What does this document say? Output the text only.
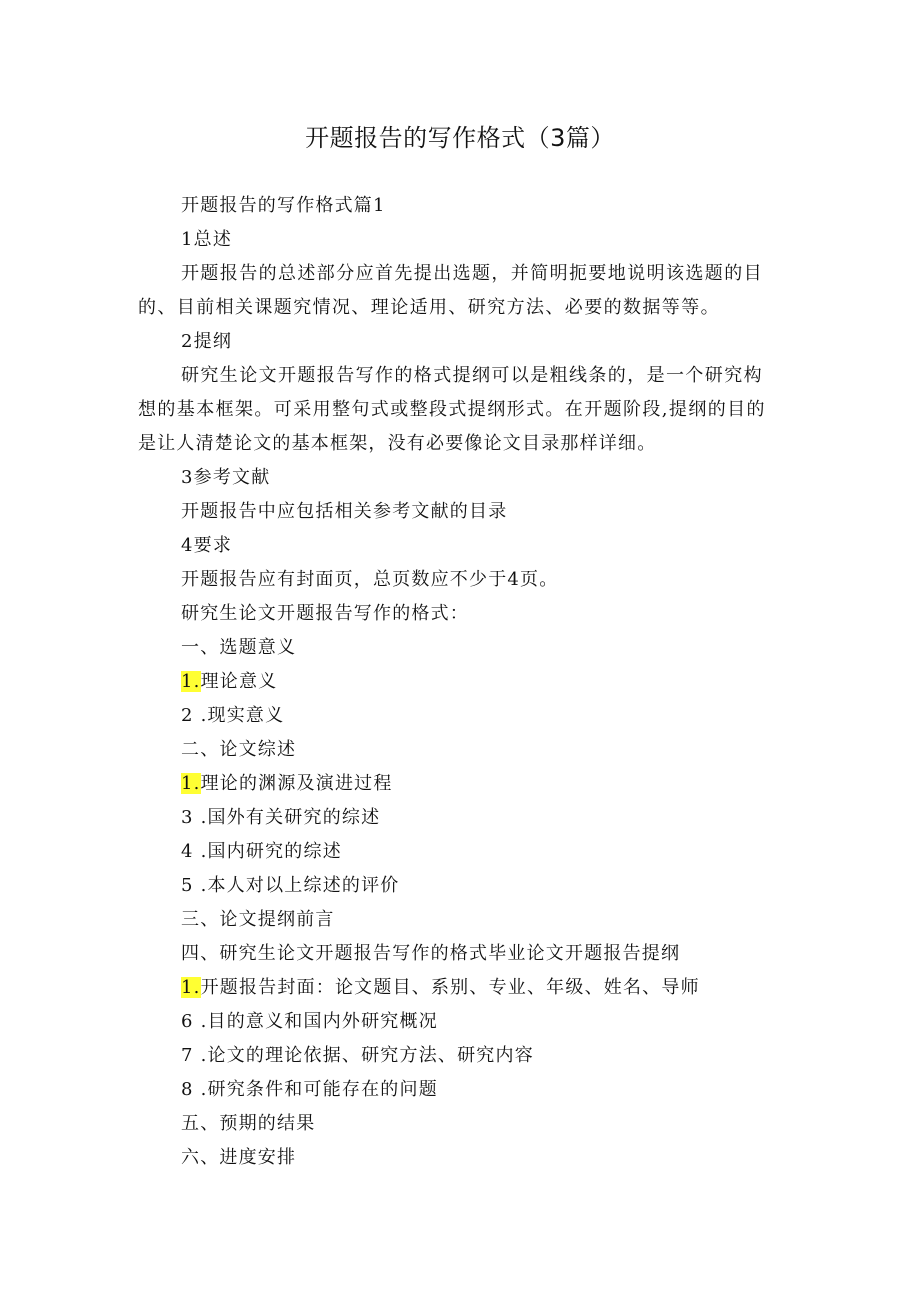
开题报告的写作格式（3篇）
开题报告的写作格式篇1
1总述
开题报告的总述部分应首先提出选题，并简明扼要地说明该选题的目
的、目前相关课题究情况、理论适用、研究方法、必要的数据等等。
2提纲
研究生论文开题报告写作的格式提纲可以是粗线条的，是一个研究构
想的基本框架。可采用整句式或整段式提纲形式。在开题阶段,提纲的目的
是让人清楚论文的基本框架，没有必要像论文目录那样详细。
3参考文献
开题报告中应包括相关参考文献的目录
4要求
开题报告应有封面页，总页数应不少于4页。
研究生论文开题报告写作的格式：
一、选题意义
1.理论意义
2 .现实意义
二、论文综述
1.理论的渊源及演进过程
3 .国外有关研究的综述
4 .国内研究的综述
5 .本人对以上综述的评价
三、论文提纲前言
四、研究生论文开题报告写作的格式毕业论文开题报告提纲
1.开题报告封面：论文题目、系别、专业、年级、姓名、导师
6 .目的意义和国内外研究概况
7 .论文的理论依据、研究方法、研究内容
8 .研究条件和可能存在的问题
五、预期的结果
六、进度安排
